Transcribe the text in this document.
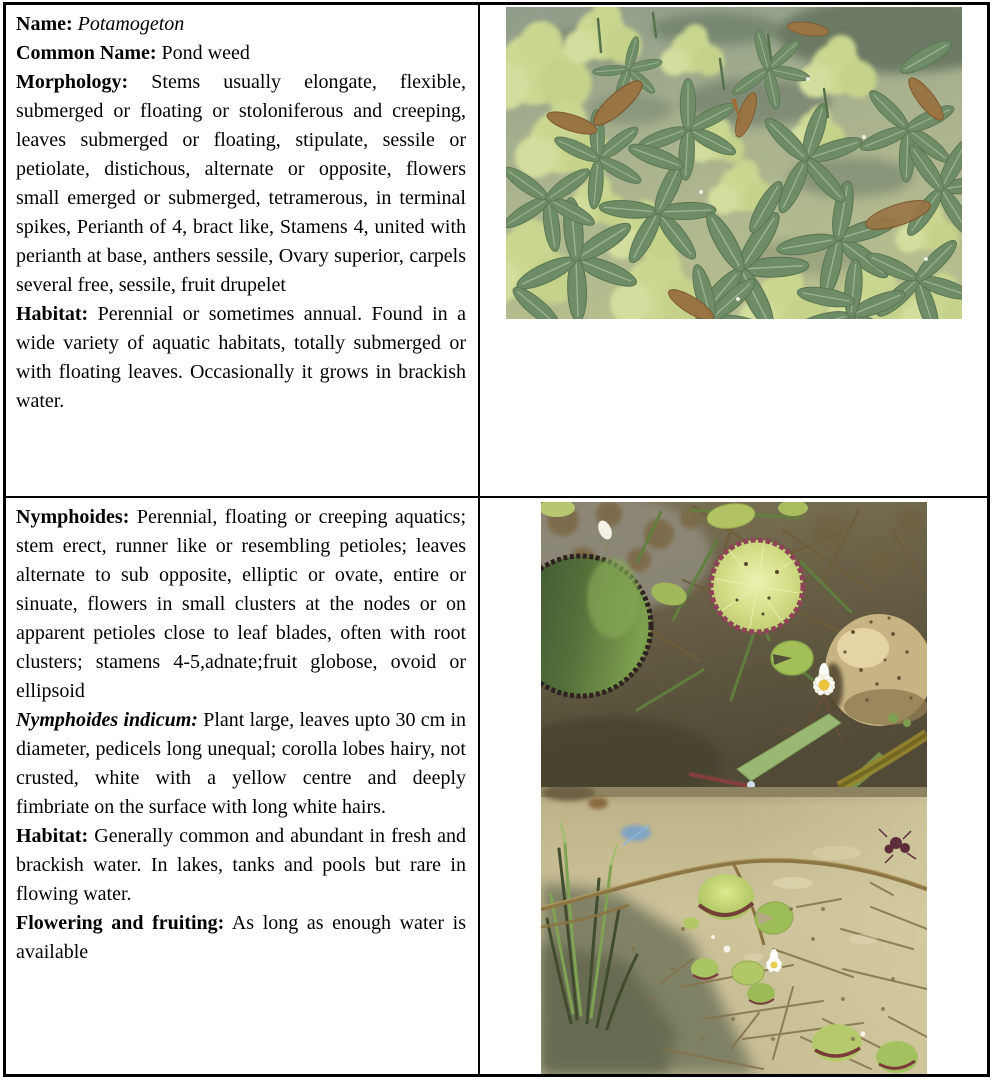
Name: Potamogeton

Common Name: Pond weed

Morphology: Stems usually elongate, flexible, submerged or floating or stoloniferous and creeping, leaves submerged or floating, stipulate, sessile or petiolate, distichous, alternate or opposite, flowers small emerged or submerged, tetramerous, in terminal spikes, Perianth of 4, bract like, Stamens 4, united with perianth at base, anthers sessile, Ovary superior, carpels several free, sessile, fruit drupelet

Habitat: Perennial or sometimes annual. Found in a wide variety of aquatic habitats, totally submerged or with floating leaves. Occasionally it grows in brackish water.

Nymphoides: Perennial, floating or creeping aquatics; stem erect, runner like or resembling petioles; leaves alternate to sub opposite, elliptic or ovate, entire or sinuate, flowers in small clusters at the nodes or on apparent petioles close to leaf blades, often with root clusters; stamens 4-5,adnate;fruit globose, ovoid or ellipsoid

Nymphoides indicum: Plant large, leaves upto 30 cm in diameter, pedicels long unequal; corolla lobes hairy, not crusted, white with a yellow centre and deeply fimbriate on the surface with long white hairs.

Habitat: Generally common and abundant in fresh and brackish water. In lakes, tanks and pools but rare in flowing water.

Flowering and fruiting: As long as enough water is available
